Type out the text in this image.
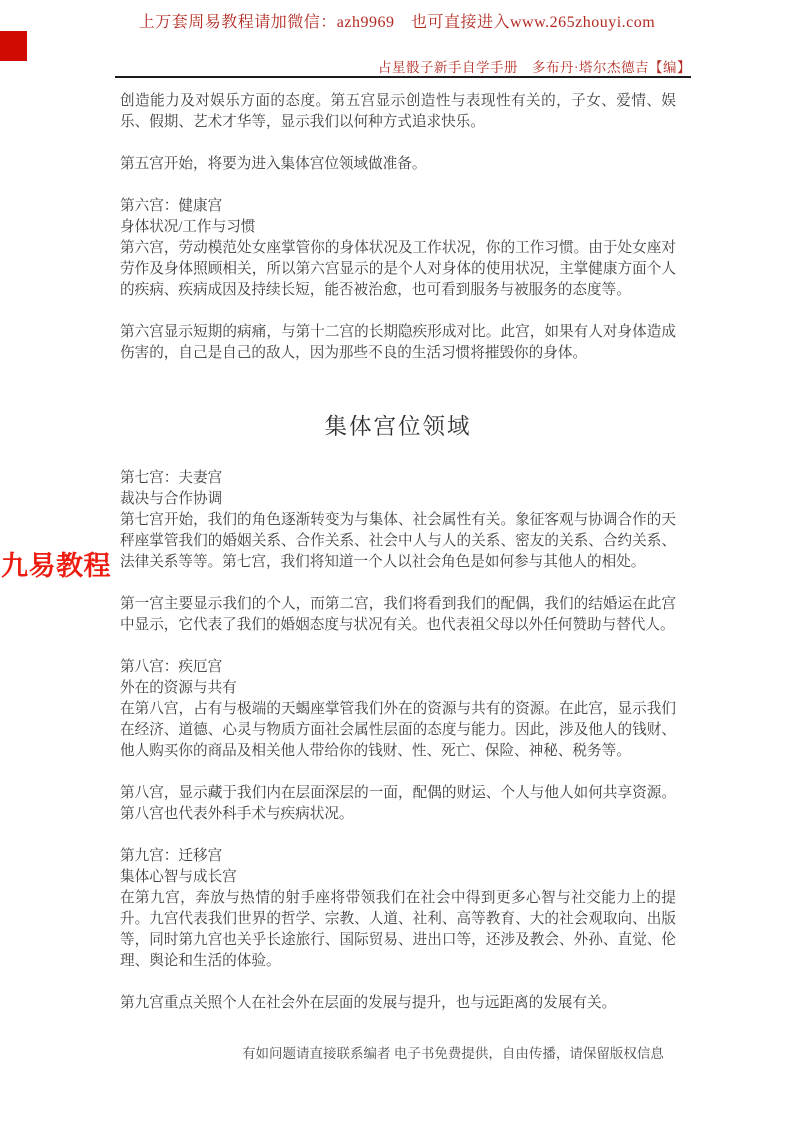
上万套周易教程请加微信：azh9969　也可直接进入www.265zhouyi.com
占星骰子新手自学手册　多布丹·塔尔杰德吉【编】
九易教程

创造能力及对娱乐方面的态度。第五宫显示创造性与表现性有关的，子女、爱情、娱乐、假期、艺术才华等，显示我们以何种方式追求快乐。

第五宫开始，将要为进入集体宫位领域做准备。

第六宫：健康宫
身体状况/工作与习惯
第六宫，劳动模范处女座掌管你的身体状况及工作状况，你的工作习惯。由于处女座对劳作及身体照顾相关，所以第六宫显示的是个人对身体的使用状况，主掌健康方面个人的疾病、疾病成因及持续长短，能否被治愈，也可看到服务与被服务的态度等。

第六宫显示短期的病痛，与第十二宫的长期隐疾形成对比。此宫，如果有人对身体造成伤害的，自己是自己的敌人，因为那些不良的生活习惯将摧毁你的身体。

集体宫位领域
第七宫：夫妻宫
裁决与合作协调
第七宫开始，我们的角色逐渐转变为与集体、社会属性有关。象征客观与协调合作的天秤座掌管我们的婚姻关系、合作关系、社会中人与人的关系、密友的关系、合约关系、法律关系等等。第七宫，我们将知道一个人以社会角色是如何参与其他人的相处。

第一宫主要显示我们的个人，而第二宫，我们将看到我们的配偶，我们的结婚运在此宫中显示，它代表了我们的婚姻态度与状况有关。也代表祖父母以外任何赞助与替代人。

第八宫：疾厄宫
外在的资源与共有
在第八宫，占有与极端的天蝎座掌管我们外在的资源与共有的资源。在此宫，显示我们在经济、道德、心灵与物质方面社会属性层面的态度与能力。因此，涉及他人的钱财、他人购买你的商品及相关他人带给你的钱财、性、死亡、保险、神秘、税务等。

第八宫，显示藏于我们内在层面深层的一面，配偶的财运、个人与他人如何共享资源。第八宫也代表外科手术与疾病状况。

第九宫：迁移宫
集体心智与成长宫
在第九宫，奔放与热情的射手座将带领我们在社会中得到更多心智与社交能力上的提升。九宫代表我们世界的哲学、宗教、人道、社利、高等教育、大的社会观取向、出版等，同时第九宫也关乎长途旅行、国际贸易、进出口等，还涉及教会、外孙、直觉、伦理、舆论和生活的体验。

第九宫重点关照个人在社会外在层面的发展与提升，也与远距离的发展有关。

有如问题请直接联系编者 电子书免费提供，自由传播，请保留版权信息
